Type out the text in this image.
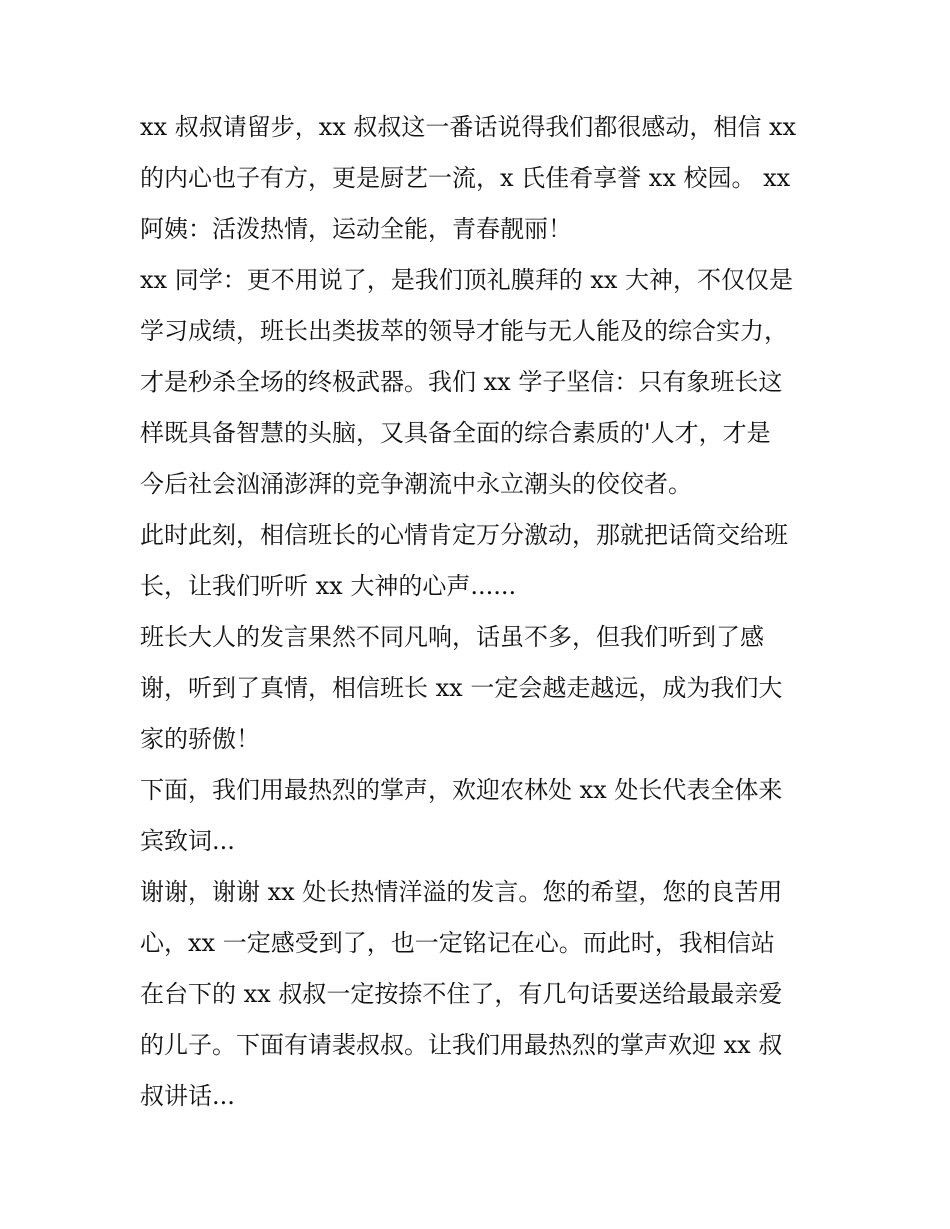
xx 叔叔请留步，xx 叔叔这一番话说得我们都很感动，相信 xx
的内心也子有方，更是厨艺一流，x 氏佳肴享誉 xx 校园。 xx
阿姨：活泼热情，运动全能，青春靓丽！
xx 同学：更不用说了，是我们顶礼膜拜的 xx 大神，不仅仅是
学习成绩，班长出类拔萃的领导才能与无人能及的综合实力，
才是秒杀全场的终极武器。我们 xx 学子坚信：只有象班长这
样既具备智慧的头脑，又具备全面的综合素质的'人才，才是
今后社会汹涌澎湃的竞争潮流中永立潮头的佼佼者。
此时此刻，相信班长的心情肯定万分激动，那就把话筒交给班
长，让我们听听 xx 大神的心声......
班长大人的发言果然不同凡响，话虽不多，但我们听到了感
谢，听到了真情，相信班长 xx 一定会越走越远，成为我们大
家的骄傲！
下面，我们用最热烈的掌声，欢迎农林处 xx 处长代表全体来
宾致词...
谢谢，谢谢 xx 处长热情洋溢的发言。您的希望，您的良苦用
心，xx 一定感受到了，也一定铭记在心。而此时，我相信站
在台下的 xx 叔叔一定按捺不住了，有几句话要送给最最亲爱
的儿子。下面有请裴叔叔。让我们用最热烈的掌声欢迎 xx 叔
叔讲话...
